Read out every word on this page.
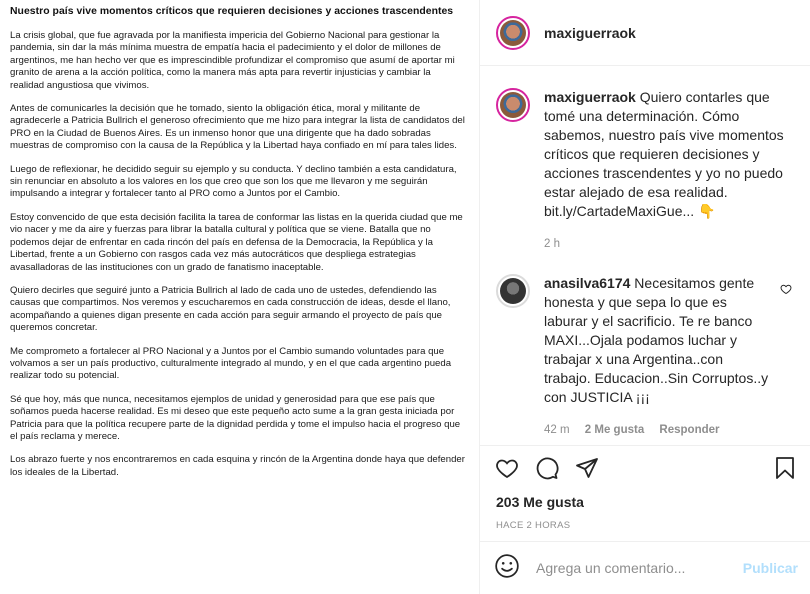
Nuestro país vive momentos críticos que requieren decisiones y acciones trascendentes

La crisis global, que fue agravada por la manifiesta impericia del Gobierno Nacional para gestionar la pandemia, sin dar la más mínima muestra de empatía hacia el padecimiento y el dolor de millones de argentinos, me han hecho ver que es imprescindible profundizar el compromiso que asumí de aportar mi granito de arena a la acción política, como la manera más apta para revertir injusticias y cambiar la realidad angustiosa que vivimos.

Antes de comunicarles la decisión que he tomado, siento la obligación ética, moral y militante de agradecerle a Patricia Bullrich el generoso ofrecimiento que me hizo para integrar la lista de candidatos del PRO en la Ciudad de Buenos Aires. Es un inmenso honor que una dirigente que ha dado sobradas muestras de compromiso con la causa de la República y la Libertad haya confiado en mí para tales lides.

Luego de reflexionar, he decidido seguir su ejemplo y su conducta. Y declino también a esta candidatura, sin renunciar en absoluto a los valores en los que creo que son los que me llevaron y me seguirán impulsando a integrar y fortalecer tanto al PRO como a Juntos por el Cambio.

Estoy convencido de que esta decisión facilita la tarea de conformar las listas en la querida ciudad que me vio nacer y me da aire y fuerzas para librar la batalla cultural y política que se viene. Batalla que no podemos dejar de enfrentar en cada rincón del país en defensa de la Democracia, la República y la Libertad, frente a un Gobierno con rasgos cada vez más autocráticos que despliega estrategias avasalladoras de las instituciones con un grado de fanatismo inaceptable.

Quiero decirles que seguiré junto a Patricia Bullrich al lado de cada uno de ustedes, defendiendo las causas que compartimos. Nos veremos y escucharemos en cada construcción de ideas, desde el llano, acompañando a quienes digan presente en cada acción para seguir armando el proyecto de país que queremos concretar.

Me comprometo a fortalecer al PRO Nacional y a Juntos por el Cambio sumando voluntades para que volvamos a ser un país productivo, culturalmente integrado al mundo, y en el que cada argentino pueda realizar todo su potencial.

Sé que hoy, más que nunca, necesitamos ejemplos de unidad y generosidad para que ese país que soñamos pueda hacerse realidad. Es mi deseo que este pequeño acto sume a la gran gesta iniciada por Patricia para que la política recupere parte de la dignidad perdida y tome el impulso hacia el progreso que el país reclama y merece.

Los abrazo fuerte y nos encontraremos en cada esquina y rincón de la Argentina donde haya que defender los ideales de la Libertad.

maxiguerraok
maxiguerraok Quiero contarles que tomé una determinación. Cómo sabemos, nuestro país vive momentos críticos que requieren decisiones y acciones trascendentes y yo no puedo estar alejado de esa realidad. bit.ly/CartadeMaxiGue... 👇
2 h
anasilva6174 Necesitamos gente honesta y que sepa lo que es laburar y el sacrificio. Te re banco MAXI...Ojala podamos luchar y trabajar x una Argentina..con trabajo. Educacion..Sin Corruptos..y con JUSTICIA ¡¡¡
42 m 2 Me gusta Responder
203 Me gusta
HACE 2 HORAS
Agrega un comentario...
Publicar
